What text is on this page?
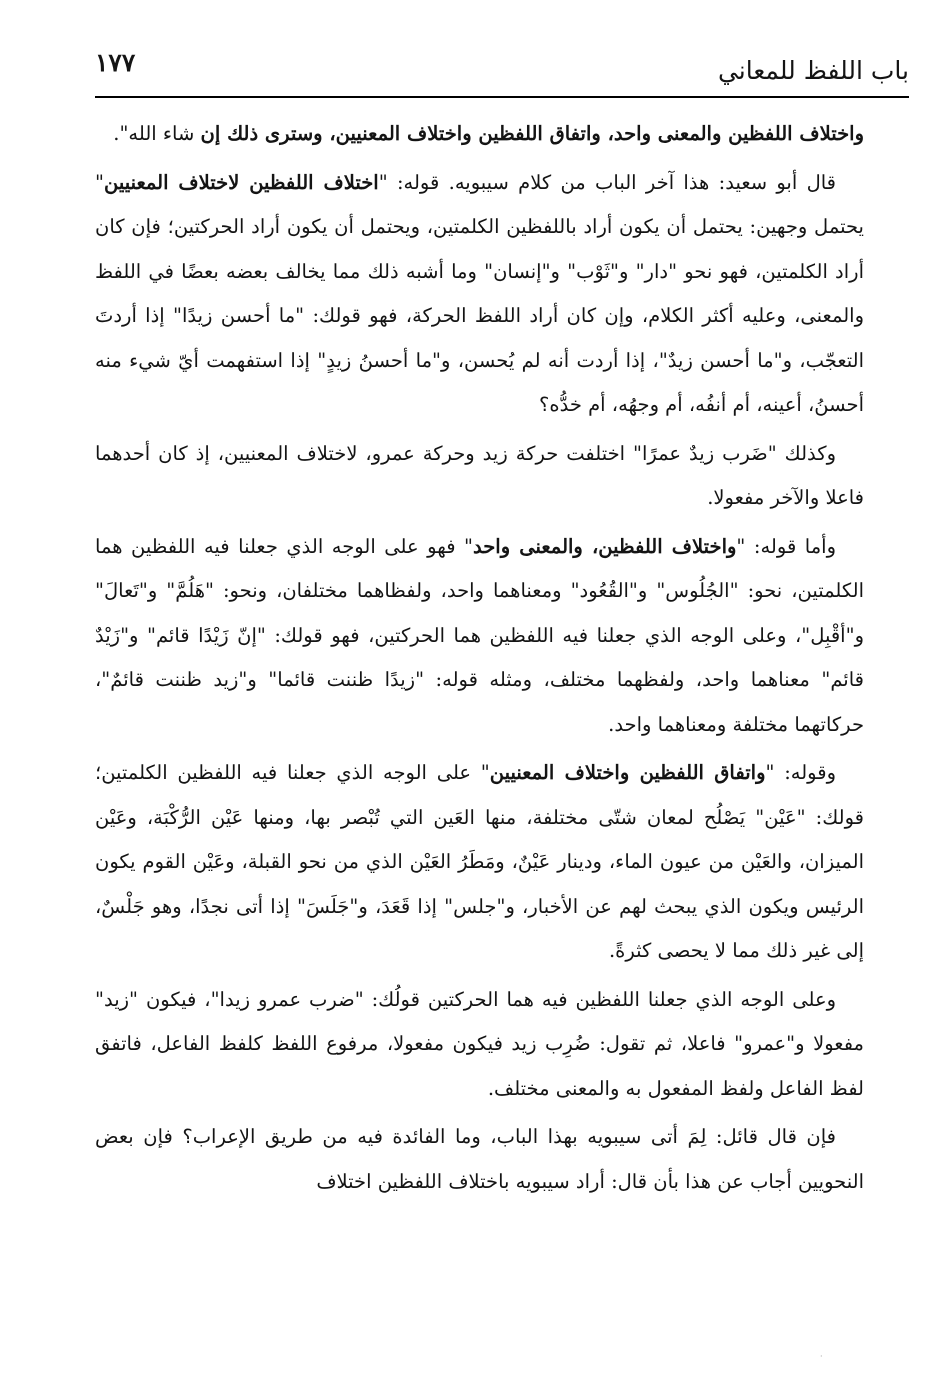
باب اللفظ للمعاني
١٧٧

واختلاف اللفظين والمعنى واحد، واتفاق اللفظين واختلاف المعنيين، وسترى ذلك إن شاء الله".

قال أبو سعيد: هذا آخر الباب من كلام سيبويه. قوله: "اختلاف اللفظين لاختلاف المعنيين" يحتمل وجهين: يحتمل أن يكون أراد باللفظين الكلمتين، ويحتمل أن يكون أراد الحركتين؛ فإن كان أراد الكلمتين، فهو نحو "دار" و"ثَوْب" و"إنسان" وما أشبه ذلك مما يخالف بعضه بعضًا في اللفظ والمعنى، وعليه أكثر الكلام، وإن كان أراد اللفظ الحركة، فهو قولك: "ما أحسن زيدًا" إذا أردتَ التعجّب، و"ما أحسن زيدٌ"، إذا أردت أنه لم يُحسن، و"ما أحسنُ زيدٍ" إذا استفهمت أيّ شيء منه أحسنُ، أعينه، أم أنفُه، أم وجهُه، أم خدُّه؟

وكذلك "ضَرب زيدٌ عمرًا" اختلفت حركة زيد وحركة عمرو، لاختلاف المعنيين، إذ كان أحدهما فاعلا والآخر مفعولا.

وأما قوله: "واختلاف اللفظين، والمعنى واحد" فهو على الوجه الذي جعلنا فيه اللفظين هما الكلمتين، نحو: "الجُلُوس" و"القُعُود" ومعناهما واحد، ولفظاهما مختلفان، ونحو: "هَلُمَّ" و"تَعالَ" و"أقْبِل"، وعلى الوجه الذي جعلنا فيه اللفظين هما الحركتين، فهو قولك: "إنّ زَيْدًا قائم" و"زَيْدٌ قائم" معناهما واحد، ولفظهما مختلف، ومثله قوله: "زيدًا ظننت قائما" و"زيد ظننت قائمٌ"، حركاتهما مختلفة ومعناهما واحد.

وقوله: "واتفاق اللفظين واختلاف المعنيين" على الوجه الذي جعلنا فيه اللفظين الكلمتين؛ قولك: "عَيْن" يَصْلُح لمعان شتّى مختلفة، منها العَين التي تُبْصر بها، ومنها عَيْن الرُّكْبَة، وعَيْن الميزان، والعَيْن من عيون الماء، ودينار عَيْنٌ، ومَطَرُ العَيْن الذي من نحو القبلة، وعَيْن القوم يكون الرئيس ويكون الذي يبحث لهم عن الأخبار، و"جلس" إذا قَعَدَ، و"جَلَسَ" إذا أتى نجدًا، وهو جَلْسٌ، إلى غير ذلك مما لا يحصى كثرةً.

وعلى الوجه الذي جعلنا اللفظين فيه هما الحركتين قولُك: "ضرب عمرو زيدا"، فيكون "زيد" مفعولا و"عمرو" فاعلا، ثم تقول: ضُرِب زيد فيكون مفعولا، مرفوع اللفظ كلفظ الفاعل، فاتفق لفظ الفاعل ولفظ المفعول به والمعنى مختلف.

فإن قال قائل: لِمَ أتى سيبويه بهذا الباب، وما الفائدة فيه من طريق الإعراب؟ فإن بعض النحويين أجاب عن هذا بأن قال: أراد سيبويه باختلاف اللفظين اختلاف

·
